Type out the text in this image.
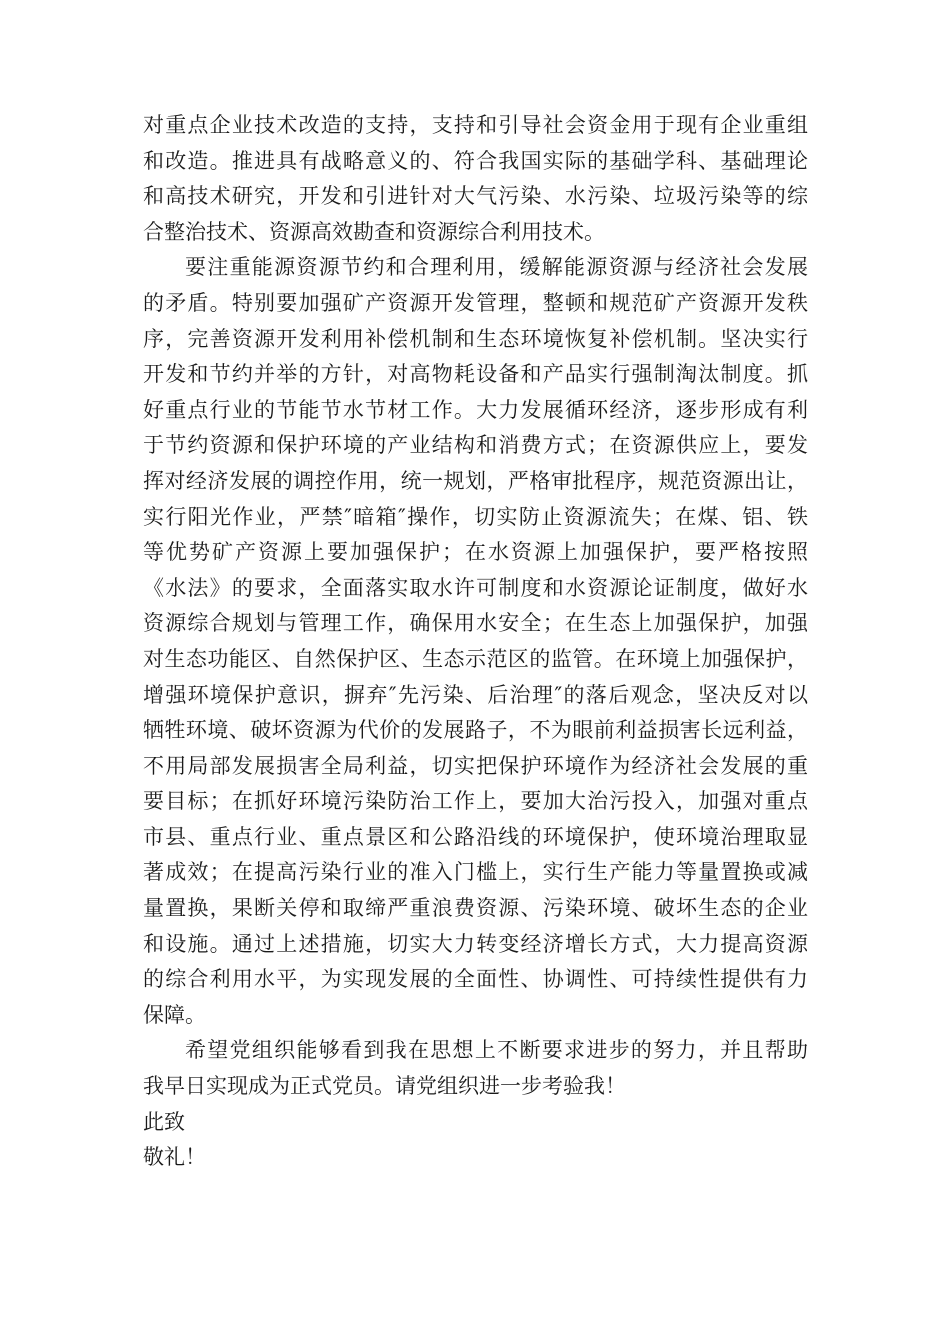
对重点企业技术改造的支持，支持和引导社会资金用于现有企业重组
和改造。推进具有战略意义的、符合我国实际的基础学科、基础理论
和高技术研究，开发和引进针对大气污染、水污染、垃圾污染等的综
合整治技术、资源高效勘查和资源综合利用技术。

要注重能源资源节约和合理利用，缓解能源资源与经济社会发展
的矛盾。特别要加强矿产资源开发管理，整顿和规范矿产资源开发秩
序，完善资源开发利用补偿机制和生态环境恢复补偿机制。坚决实行
开发和节约并举的方针，对高物耗设备和产品实行强制淘汰制度。抓
好重点行业的节能节水节材工作。大力发展循环经济，逐步形成有利
于节约资源和保护环境的产业结构和消费方式；在资源供应上，要发
挥对经济发展的调控作用，统一规划，严格审批程序，规范资源出让，
实行阳光作业，严禁″暗箱″操作，切实防止资源流失；在煤、铝、铁
等优势矿产资源上要加强保护；在水资源上加强保护，要严格按照
《水法》的要求，全面落实取水许可制度和水资源论证制度，做好水
资源综合规划与管理工作，确保用水安全；在生态上加强保护，加强
对生态功能区、自然保护区、生态示范区的监管。在环境上加强保护，
增强环境保护意识，摒弃″先污染、后治理″的落后观念，坚决反对以
牺牲环境、破坏资源为代价的发展路子，不为眼前利益损害长远利益，
不用局部发展损害全局利益，切实把保护环境作为经济社会发展的重
要目标；在抓好环境污染防治工作上，要加大治污投入，加强对重点
市县、重点行业、重点景区和公路沿线的环境保护，使环境治理取显
著成效；在提高污染行业的准入门槛上，实行生产能力等量置换或减
量置换，果断关停和取缔严重浪费资源、污染环境、破坏生态的企业
和设施。通过上述措施，切实大力转变经济增长方式，大力提高资源
的综合利用水平，为实现发展的全面性、协调性、可持续性提供有力
保障。

希望党组织能够看到我在思想上不断要求进步的努力，并且帮助
我早日实现成为正式党员。请党组织进一步考验我！

此致

敬礼！
